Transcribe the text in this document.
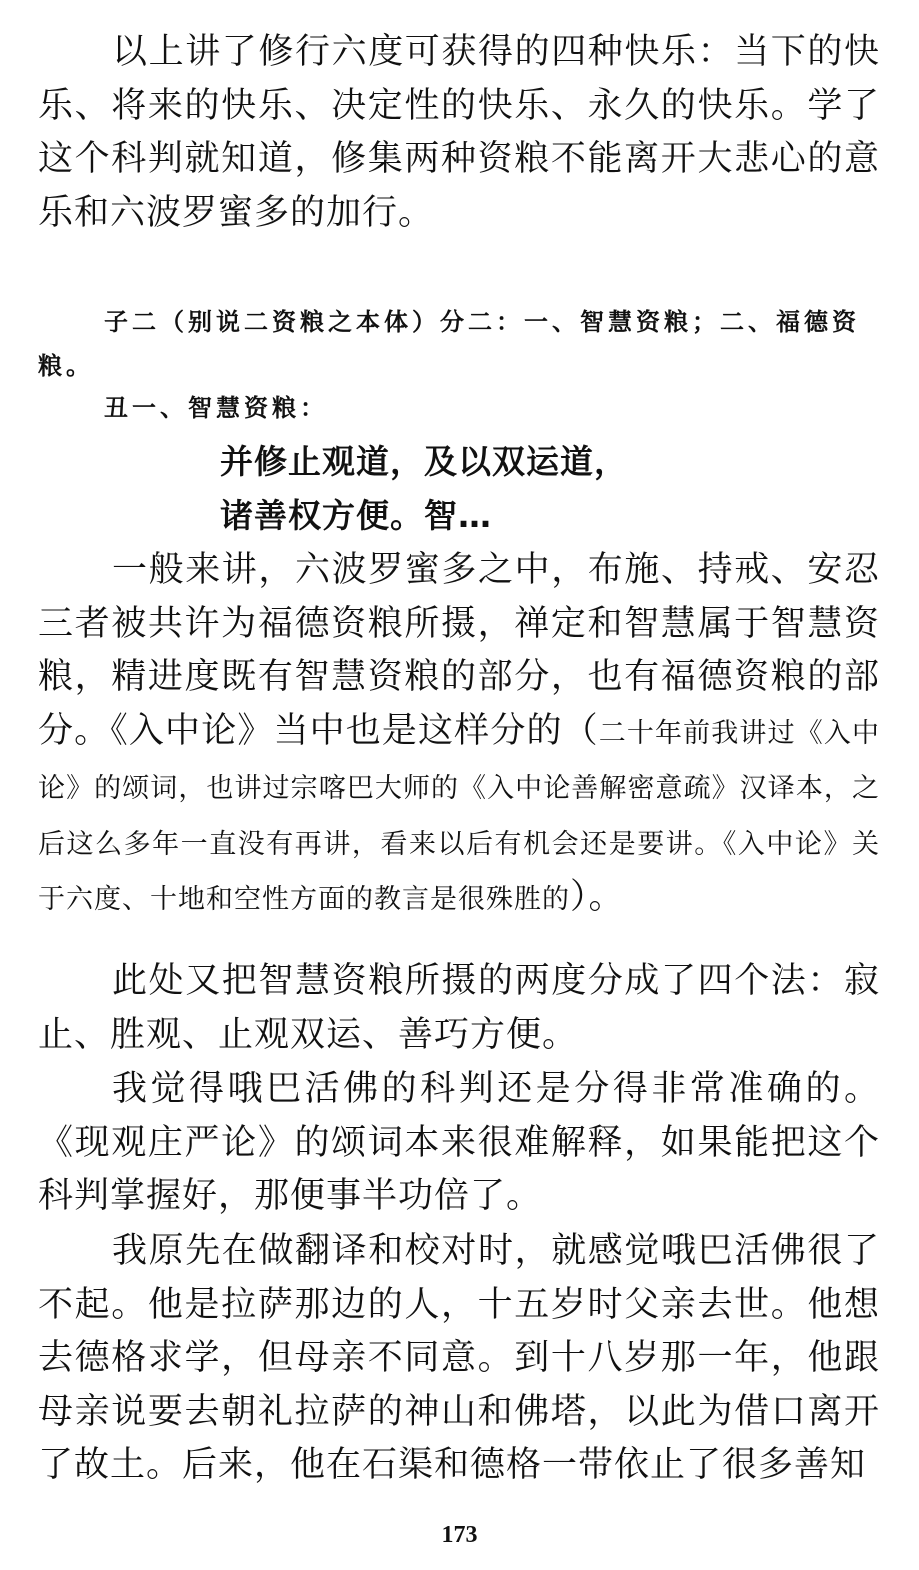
以上讲了修行六度可获得的四种快乐：当下的快乐、将来的快乐、决定性的快乐、永久的快乐。学了这个科判就知道，修集两种资粮不能离开大悲心的意乐和六波罗蜜多的加行。

子二（别说二资粮之本体）分二：一、智慧资粮；二、福德资粮。

丑一、智慧资粮：

并修止观道，及以双运道，

诸善权方便。智…

一般来讲，六波罗蜜多之中，布施、持戒、安忍三者被共许为福德资粮所摄，禅定和智慧属于智慧资粮，精进度既有智慧资粮的部分，也有福德资粮的部分。《入中论》当中也是这样分的（二十年前我讲过《入中论》的颂词，也讲过宗喀巴大师的《入中论善解密意疏》汉译本，之后这么多年一直没有再讲，看来以后有机会还是要讲。《入中论》关于六度、十地和空性方面的教言是很殊胜的）。

此处又把智慧资粮所摄的两度分成了四个法：寂止、胜观、止观双运、善巧方便。

我觉得哦巴活佛的科判还是分得非常准确的。《现观庄严论》的颂词本来很难解释，如果能把这个科判掌握好，那便事半功倍了。

我原先在做翻译和校对时，就感觉哦巴活佛很了不起。他是拉萨那边的人，十五岁时父亲去世。他想去德格求学，但母亲不同意。到十八岁那一年，他跟母亲说要去朝礼拉萨的神山和佛塔，以此为借口离开了故土。后来，他在石渠和德格一带依止了很多善知

173
